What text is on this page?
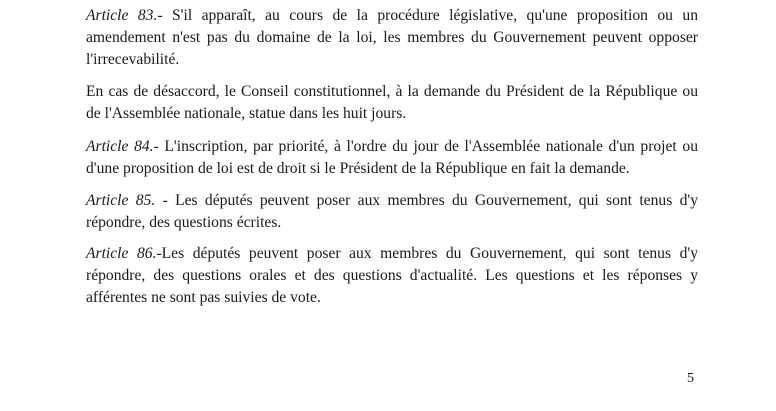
Article 83.- S'il apparaît, au cours de la procédure législative, qu'une proposition ou un
amendement n'est pas du domaine de la loi, les membres du Gouvernement peuvent opposer
l'irrecevabilité.

En cas de désaccord, le Conseil constitutionnel, à la demande du Président de la République ou
de l'Assemblée nationale, statue dans les huit jours.

Article 84.- L'inscription, par priorité, à l'ordre du jour de l'Assemblée nationale d'un projet ou
d'une proposition de loi est de droit si le Président de la République en fait la demande.

Article 85. - Les députés peuvent poser aux membres du Gouvernement, qui sont tenus d'y
répondre, des questions écrites.

Article 86.-Les députés peuvent poser aux membres du Gouvernement, qui sont tenus d'y
répondre, des questions orales et des questions d'actualité. Les questions et les réponses y
afférentes ne sont pas suivies de vote.

5
